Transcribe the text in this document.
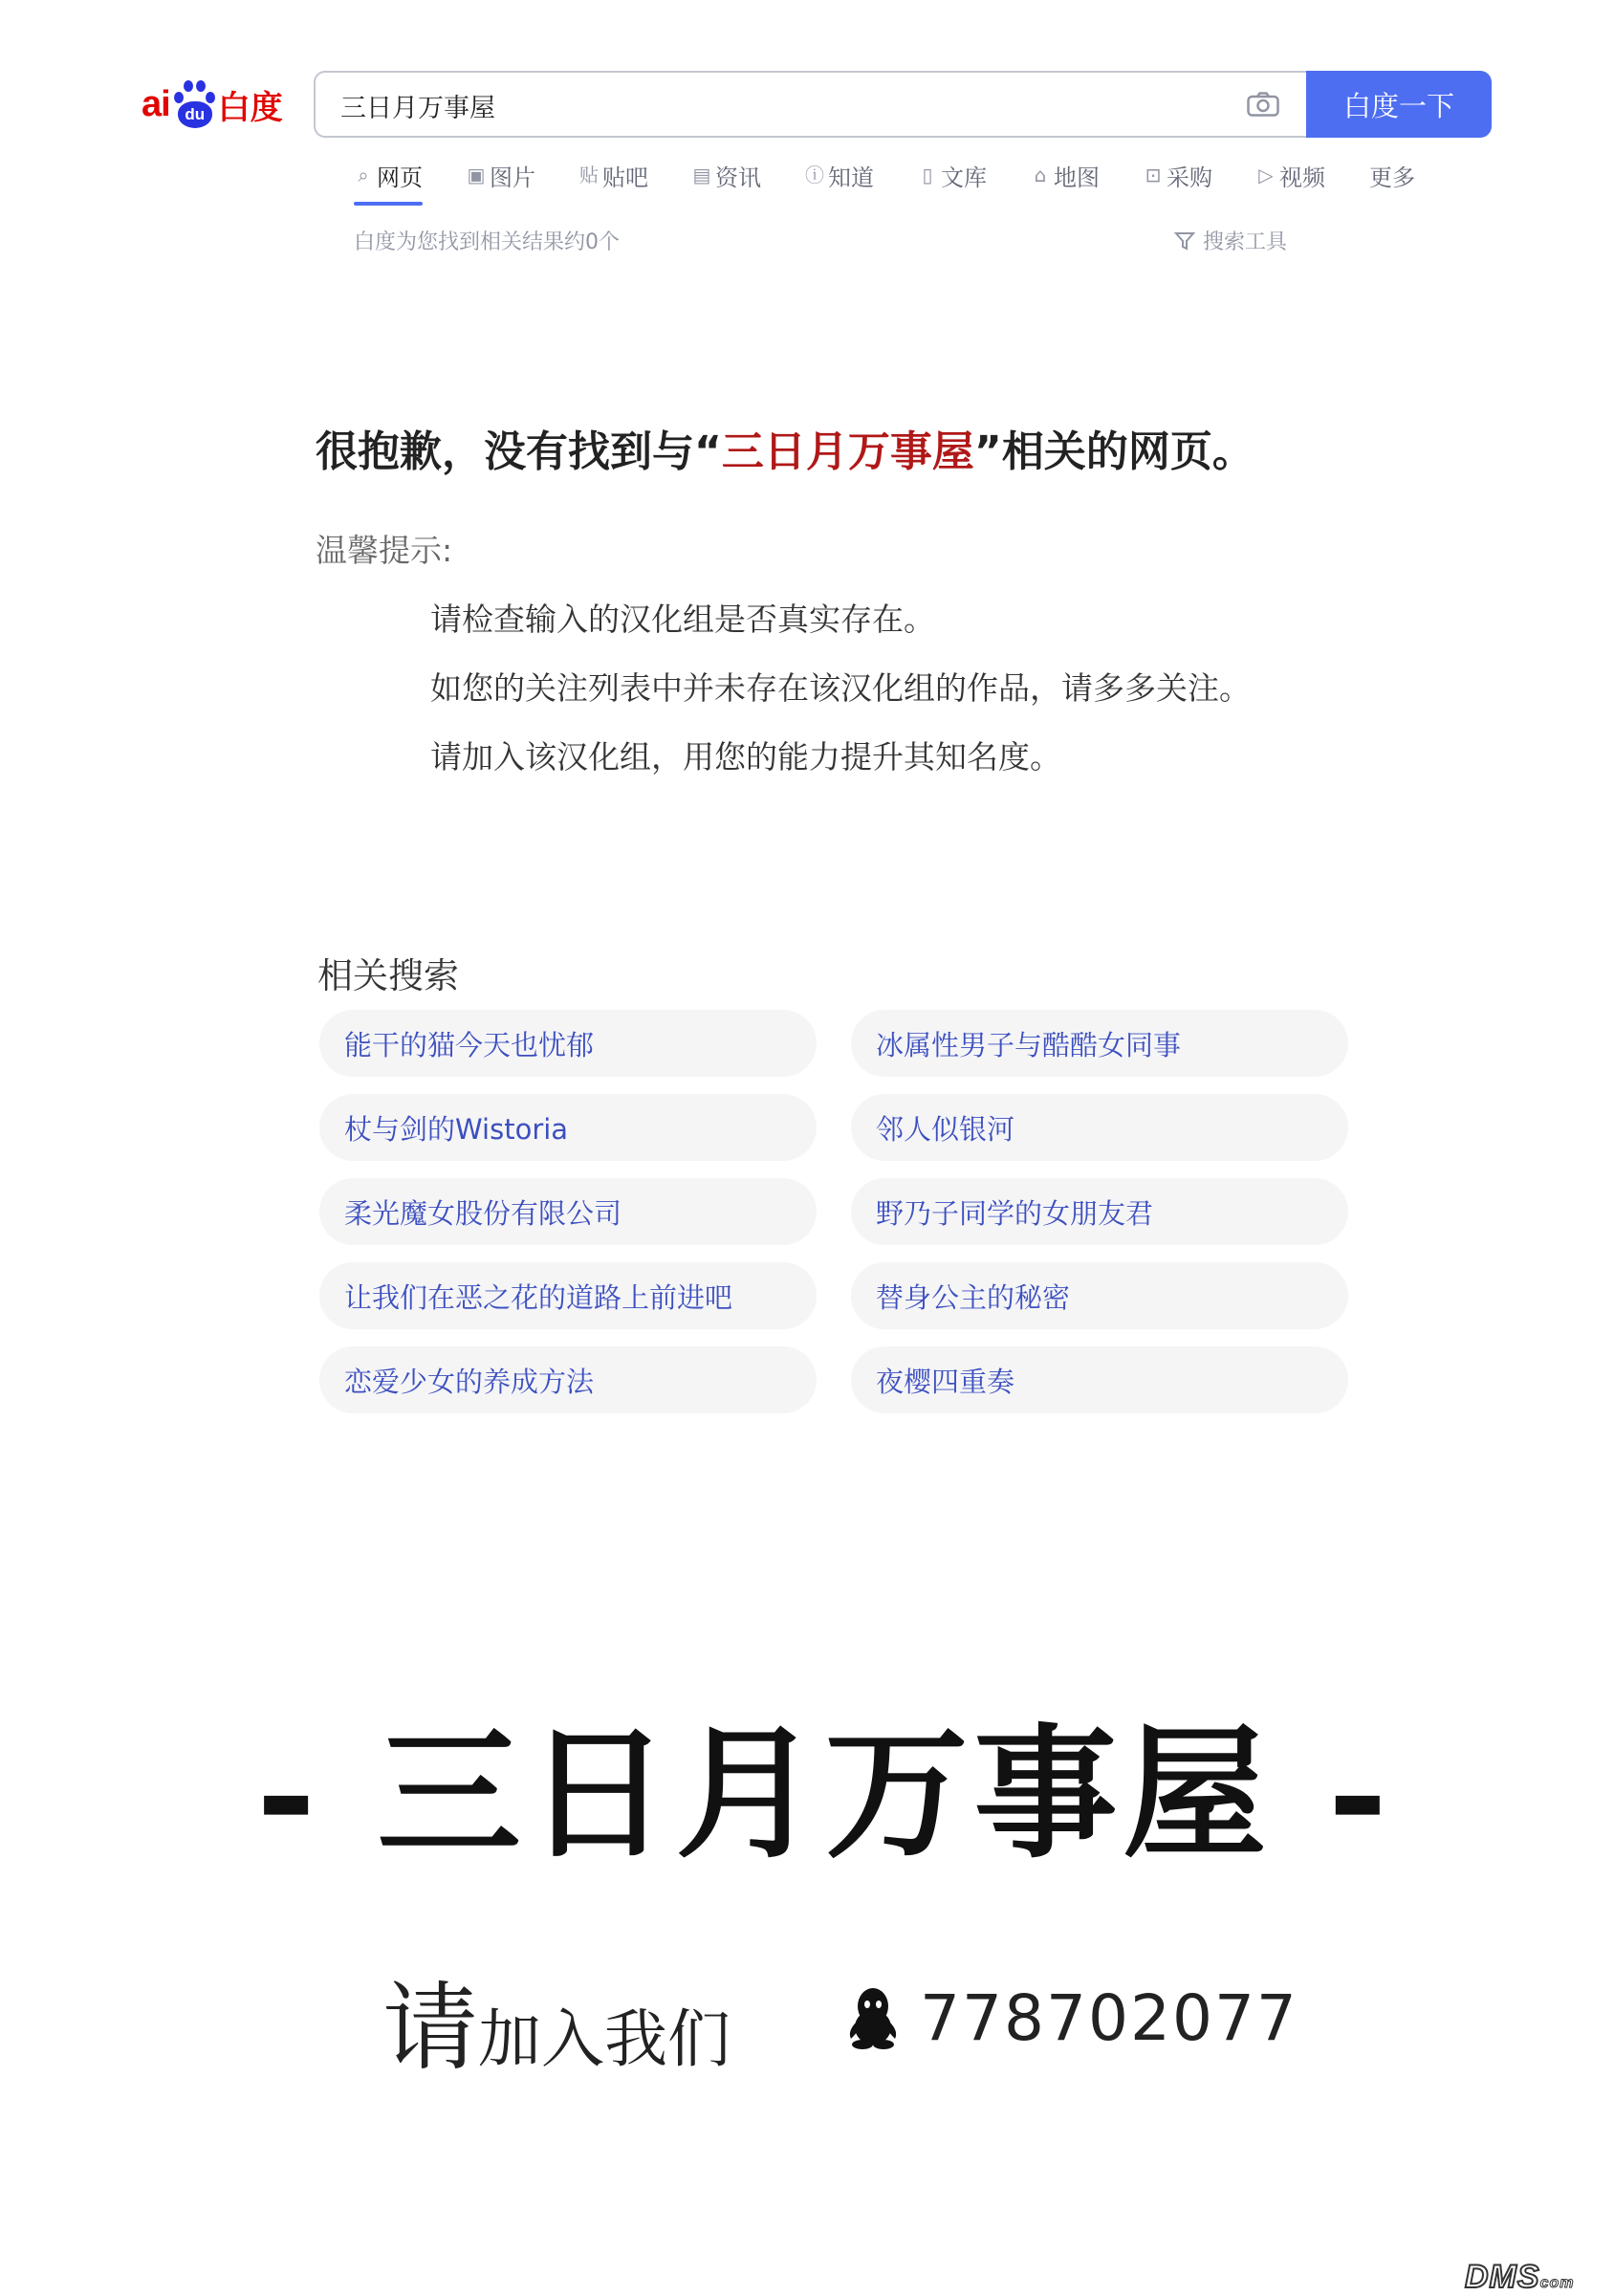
ai du 白度
三日月万事屋	白度一下
⌕ 网页 ▣ 图片 贴 贴吧 ▤ 资讯 ⓘ 知道	▯ 文库 ⌂ 地图 ⊡ 采购 ▷ 视频 更多
白度为您找到相关结果约0个	搜索工具
很抱歉，没有找到与“三日月万事屋”相关的网页。
温馨提示:
请检查输入的汉化组是否真实存在。
如您的关注列表中并未存在该汉化组的作品，请多多关注。
请加入该汉化组，用您的能力提升其知名度。
相关搜索
能干的猫今天也忧郁	冰属性男子与酷酷女同事
杖与剑的Wistoria	邻人似银河
柔光魔女股份有限公司	野乃子同学的女朋友君
让我们在恶之花的道路上前进吧	替身公主的秘密
恋爱少女的养成方法	夜樱四重奏
- 三日月万事屋 -
请 加入我们	778702077
DMScom
